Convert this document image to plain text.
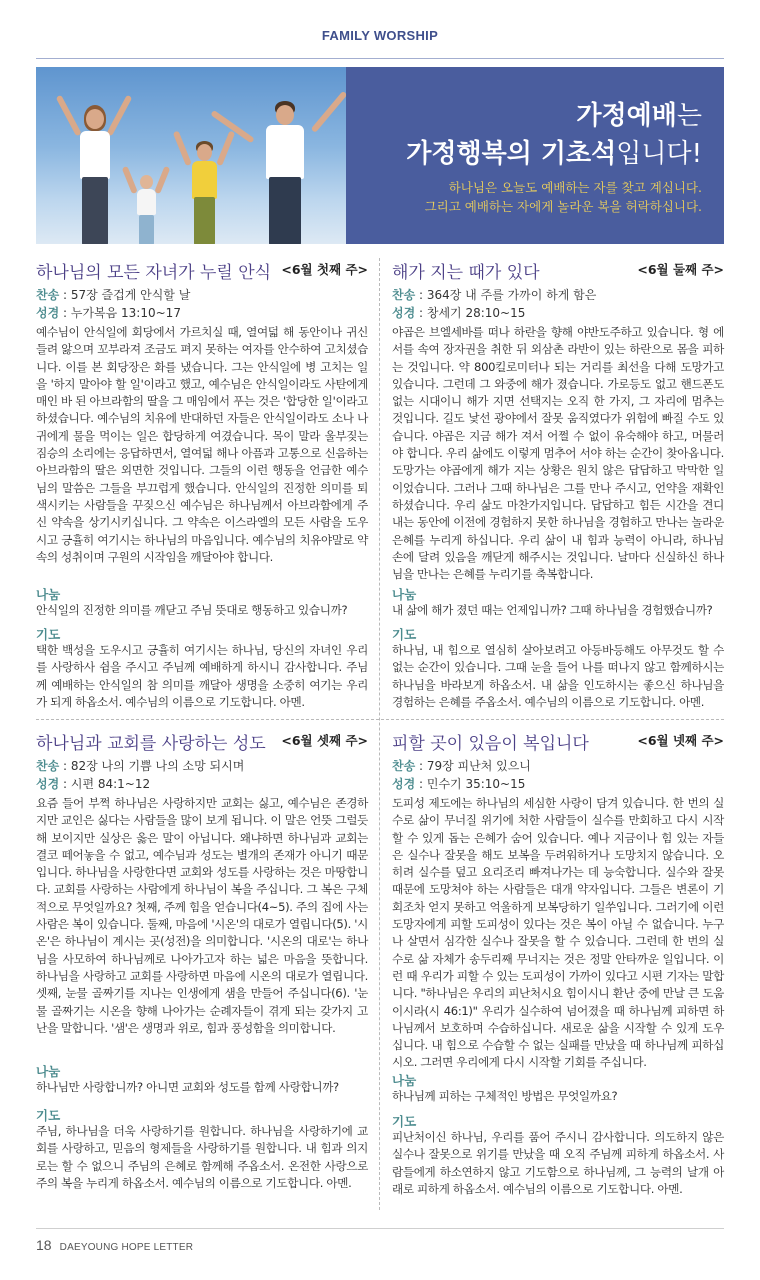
FAMILY WORSHIP
가정예배는
가정행복의 기초석입니다!
하나님은 오늘도 예배하는 자를 찾고 계십니다.
그리고 예배하는 자에게 놀라운 복을 허락하십니다.
하나님의 모든 자녀가 누릴 안식 <6월 첫째 주>
찬송 : 57장 즐겁게 안식할 날
성경 : 누가복음 13:10~17
예수님이 안식일에 회당에서 가르치실 때, 열여덟 해 동안이나 귀신 들려 앓으며 꼬부라져 조금도 펴지 못하는 여자를 안수하여 고치셨습니다. 이를 본 회당장은 화를 냈습니다. 그는 안식일에 병 고치는 일을 '하지 말아야 할 일'이라고 했고, 예수님은 안식일이라도 사탄에게 매인 바 된 아브라함의 딸을 그 매임에서 푸는 것은 '합당한 일'이라고 하셨습니다. 예수님의 치유에 반대하던 자들은 안식일이라도 소나 나귀에게 물을 먹이는 일은 합당하게 여겼습니다. 목이 말라 울부짖는 짐승의 소리에는 응답하면서, 열여덟 해나 아픔과 고통으로 신음하는 아브라함의 딸은 외면한 것입니다. 그들의 이런 행동을 언급한 예수님의 말씀은 그들을 부끄럽게 했습니다. 안식일의 진정한 의미를 퇴색시키는 사람들을 꾸짖으신 예수님은 하나님께서 아브라함에게 주신 약속을 상기시키십니다. 그 약속은 이스라엘의 모든 사람을 도우시고 긍휼히 여기시는 하나님의 마음입니다. 예수님의 치유야말로 약속의 성취이며 구원의 시작임을 깨달아야 합니다.
나눔
안식일의 진정한 의미를 깨닫고 주님 뜻대로 행동하고 있습니까?
기도
택한 백성을 도우시고 긍휼히 여기시는 하나님, 당신의 자녀인 우리를 사랑하사 쉼을 주시고 주님께 예배하게 하시니 감사합니다. 주님께 예배하는 안식일의 참 의미를 깨달아 생명을 소중히 여기는 우리가 되게 하옵소서. 예수님의 이름으로 기도합니다. 아멘.
해가 지는 때가 있다	<6월 둘째 주>
찬송 : 364장 내 주를 가까이 하게 함은
성경 : 창세기 28:10~15
야곱은 브엘세바를 떠나 하란을 향해 야반도주하고 있습니다. 형 에서를 속여 장자권을 취한 뒤 외삼촌 라반이 있는 하란으로 몸을 피하는 것입니다. 약 800킬로미터나 되는 거리를 최선을 다해 도망가고 있습니다. 그런데 그 와중에 해가 졌습니다. 가로등도 없고 핸드폰도 없는 시대이니 해가 지면 선택지는 오직 한 가지, 그 자리에 멈추는 것입니다. 길도 낯선 광야에서 잘못 움직였다가 위험에 빠질 수도 있습니다. 야곱은 지금 해가 져서 어쩔 수 없이 유숙해야 하고, 머물러야 합니다. 우리 삶에도 이렇게 멈추어 서야 하는 순간이 찾아옵니다. 도망가는 야곱에게 해가 지는 상황은 원치 않은 답답하고 막막한 일이었습니다. 그러나 그때 하나님은 그를 만나 주시고, 언약을 재확인하셨습니다. 우리 삶도 마찬가지입니다. 답답하고 힘든 시간을 견디내는 동안에 이전에 경험하지 못한 하나님을 경험하고 만나는 놀라운 은혜를 누리게 하십니다. 우리 삶이 내 힘과 능력이 아니라, 하나님 손에 달려 있음을 깨닫게 해주시는 것입니다. 날마다 신실하신 하나님을 만나는 은혜를 누리기를 축복합니다.
나눔
내 삶에 해가 졌던 때는 언제입니까? 그때 하나님을 경험했습니까?
기도
하나님, 내 힘으로 열심히 살아보려고 아등바등해도 아무것도 할 수 없는 순간이 있습니다. 그때 눈을 들어 나를 떠나지 않고 함께하시는 하나님을 바라보게 하옵소서. 내 삶을 인도하시는 좋으신 하나님을 경험하는 은혜를 주옵소서. 예수님의 이름으로 기도합니다. 아멘.
하나님과 교회를 사랑하는 성도 <6월 셋째 주>
찬송 : 82장 나의 기쁨 나의 소망 되시며
성경 : 시편 84:1~12
요즘 들어 부쩍 하나님은 사랑하지만 교회는 싫고, 예수님은 존경하지만 교인은 싫다는 사람들을 많이 보게 됩니다. 이 말은 언뜻 그럴듯해 보이지만 실상은 옳은 말이 아닙니다. 왜냐하면 하나님과 교회는 결코 떼어놓을 수 없고, 예수님과 성도는 별개의 존재가 아니기 때문입니다. 하나님을 사랑한다면 교회와 성도를 사랑하는 것은 마땅합니다. 교회를 사랑하는 사람에게 하나님이 복을 주십니다. 그 복은 구체적으로 무엇일까요? 첫째, 주께 힘을 얻습니다(4~5). 주의 집에 사는 사람은 복이 있습니다. 둘째, 마음에 '시온'의 대로가 열립니다(5). '시온'은 하나님이 계시는 곳(성전)을 의미합니다. '시온의 대로'는 하나님을 사모하여 하나님께로 나아가고자 하는 넓은 마음을 뜻합니다. 하나님을 사랑하고 교회를 사랑하면 마음에 시온의 대로가 열립니다. 셋째, 눈물 골짜기를 지나는 인생에게 샘을 만들어 주십니다(6). '눈물 골짜기는 시온을 향해 나아가는 순례자들이 겪게 되는 갖가지 고난을 말합니다. '샘'은 생명과 위로, 힘과 풍성함을 의미합니다.
나눔
하나님만 사랑합니까? 아니면 교회와 성도를 함께 사랑합니까?
기도
주님, 하나님을 더욱 사랑하기를 원합니다. 하나님을 사랑하기에 교회를 사랑하고, 믿음의 형제들을 사랑하기를 원합니다. 내 힘과 의지로는 할 수 없으니 주님의 은혜로 함께해 주옵소서. 온전한 사랑으로 주의 복을 누리게 하옵소서. 예수님의 이름으로 기도합니다. 아멘.
피할 곳이 있음이 복입니다	<6월 넷째 주>
찬송 : 79장 피난처 있으니
성경 : 민수기 35:10~15
도피성 제도에는 하나님의 세심한 사랑이 담겨 있습니다. 한 번의 실수로 삶이 무너질 위기에 처한 사람들이 실수를 만회하고 다시 시작할 수 있게 돕는 은혜가 숨어 있습니다. 예나 지금이나 힘 있는 자들은 실수나 잘못을 해도 보복을 두려워하거나 도망치지 않습니다. 오히려 실수를 덮고 요리조리 빠져나가는 데 능숙합니다. 실수와 잘못 때문에 도망쳐야 하는 사람들은 대개 약자입니다. 그들은 변론이 기회조차 얻지 못하고 억울하게 보복당하기 일쑤입니다. 그러기에 이런 도망자에게 피할 도피성이 있다는 것은 복이 아닐 수 없습니다. 누구나 살면서 심각한 실수나 잘못을 할 수 있습니다. 그런데 한 번의 실수로 삶 자체가 송두리째 무너지는 것은 정말 안타까운 일입니다. 이런 때 우리가 피할 수 있는 도피성이 가까이 있다고 시편 기자는 말합니다. "하나님은 우리의 피난처시요 힘이시니 환난 중에 만날 큰 도움이시라(시 46:1)" 우리가 실수하여 넘어졌을 때 하나님께 피하면 하나님께서 보호하며 수습하십니다. 새로운 삶을 시작할 수 있게 도우십니다. 내 힘으로 수습할 수 없는 실패를 만났을 때 하나님께 피하십시오. 그러면 우리에게 다시 시작할 기회를 주십니다.
나눔
하나님께 피하는 구체적인 방법은 무엇일까요?
기도
피난처이신 하나님, 우리를 품어 주시니 감사합니다. 의도하지 않은 실수나 잘못으로 위기를 만났을 때 오직 주님께 피하게 하옵소서. 사람들에게 하소연하지 않고 기도함으로 하나님께, 그 능력의 날개 아래로 피하게 하옵소서. 예수님의 이름으로 기도합니다. 아멘.
18 DAEYOUNG HOPE LETTER
